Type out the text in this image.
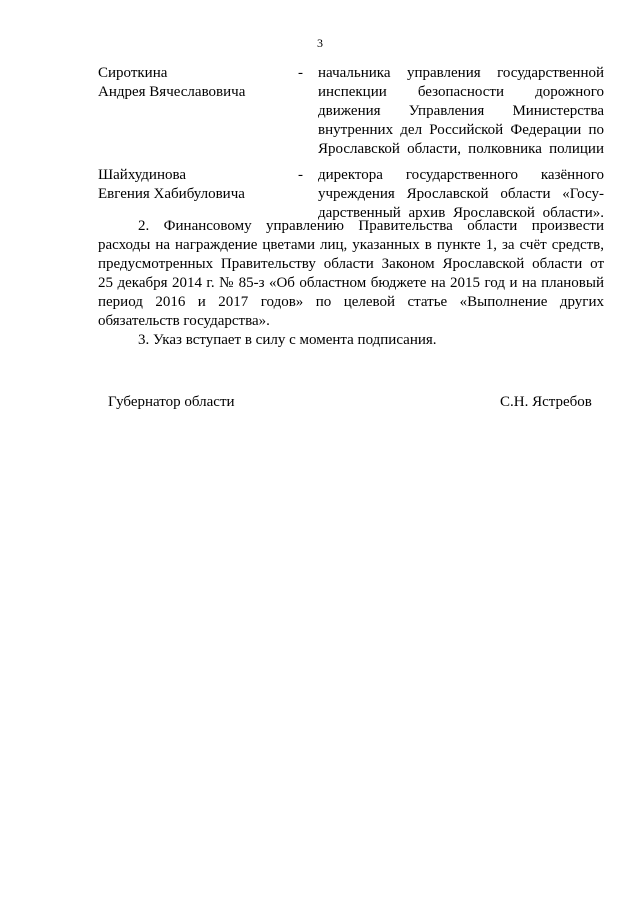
3
Сироткина
Андрея Вячеславовича
- начальника управления государственной
инспекции безопасности дорожного
движения Управления Министерства
внутренних дел Российской Федерации по
Ярославской области, полковника полиции
Шайхудинова
Евгения Хабибуловича
- директора государственного казённого
учреждения Ярославской области «Госу-
дарственный архив Ярославской области».
2. Финансовому управлению Правительства области произвести
расходы на награждение цветами лиц, указанных в пункте 1, за счёт средств,
предусмотренных Правительству области Законом Ярославской области от
25 декабря 2014 г. № 85-з «Об областном бюджете на 2015 год и на плановый
период 2016 и 2017 годов» по целевой статье «Выполнение других
обязательств государства».
3. Указ вступает в силу с момента подписания.
Губернатор области	С.Н. Ястребов
